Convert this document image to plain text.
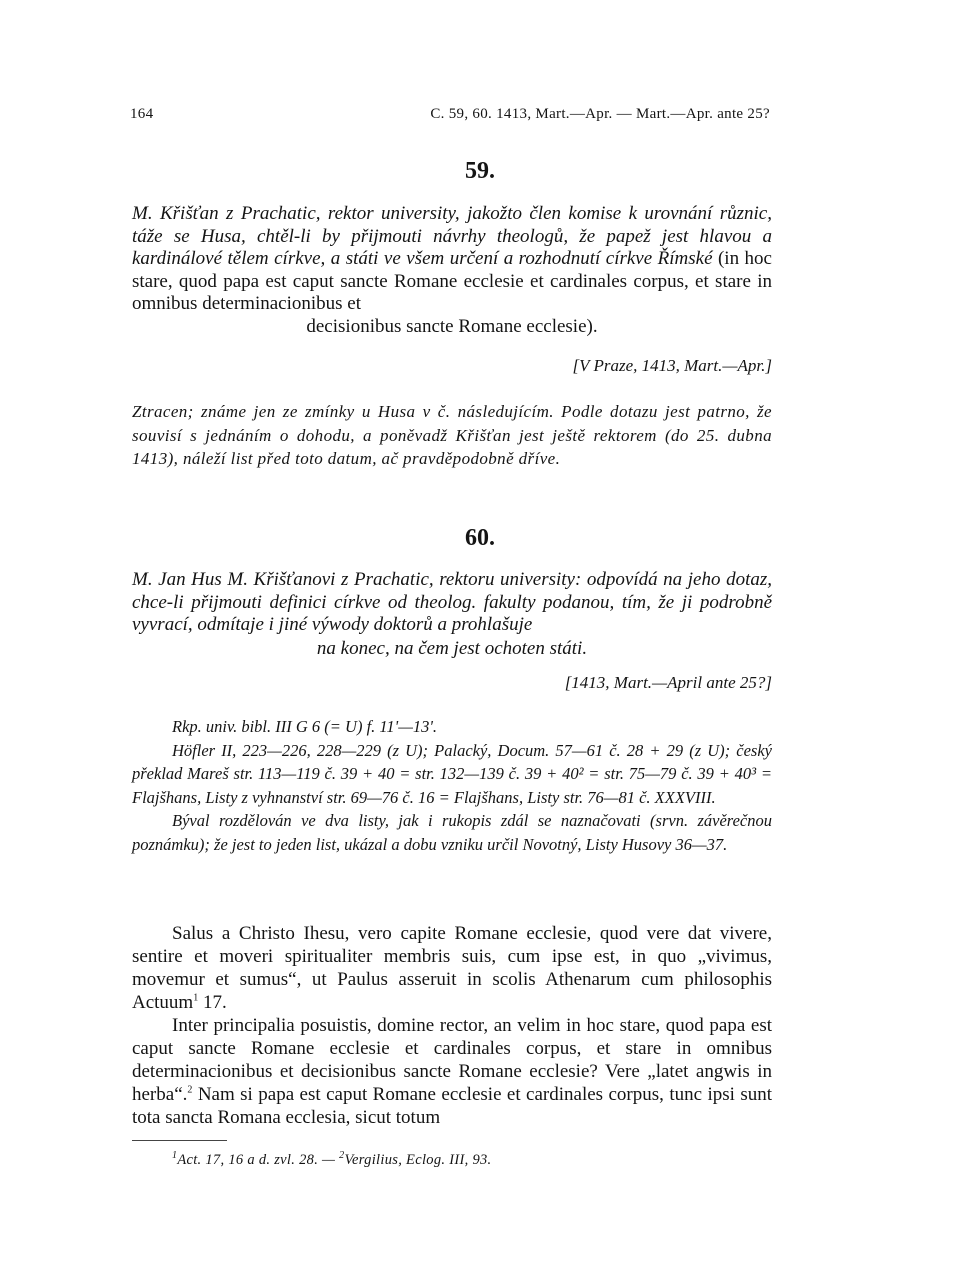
164	C. 59, 60. 1413, Mart.—Apr. — Mart.—Apr. ante 25?
59.
M. Křišťan z Prachatic, rektor university, jakožto člen komise k urovnání různic, táže se Husa, chtěl-li by přijmouti návrhy theologů, že papež jest hlavou a kardinálové tělem církve, a státi ve všem určení a rozhodnutí církve Římské (in hoc stare, quod papa est caput sancte Romane ecclesie et cardinales corpus, et stare in omnibus determinacionibus et
decisionibus sancte Romane ecclesie).
[V Praze, 1413, Mart.—Apr.]
Ztracen; známe jen ze zmínky u Husa v č. následujícím. Podle dotazu jest patrno, že souvisí s jednáním o dohodu, a poněvadž Křišťan jest ještě rektorem (do 25. dubna 1413), náleží list před toto datum, ač pravděpodobně dříve.
60.
M. Jan Hus M. Křišťanovi z Prachatic, rektoru university: odpovídá na jeho dotaz, chce-li přijmouti definici církve od theolog. fakulty podanou, tím, že ji podrobně vyvrací, odmítaje i jiné výwody doktorů a prohlašuje
na konec, na čem jest ochoten státi.
[1413, Mart.—April ante 25?]

Rkp. univ. bibl. III G 6 (= U) f. 11'—13'.

Höfler II, 223—226, 228—229 (z U); Palacký, Docum. 57—61 č. 28 + 29 (z U); český překlad Mareš str. 113—119 č. 39 + 40 = str. 132—139 č. 39 + 40² = str. 75—79 č. 39 + 40³ = Flajšhans, Listy z vyhnanství str. 69—76 č. 16 = Flajšhans, Listy str. 76—81 č. XXXVIII.

Býval rozdělován ve dva listy, jak i rukopis zdál se naznačovati (srvn. závěrečnou poznámku); že jest to jeden list, ukázal a dobu vzniku určil Novotný, Listy Husovy 36—37.

Salus a Christo Ihesu, vero capite Romane ecclesie, quod vere dat vivere, sentire et moveri spiritualiter membris suis, cum ipse est, in quo „vivimus, movemur et sumus“, ut Paulus asseruit in scolis Athenarum cum philosophis Actuum$^1$ 17.

Inter principalia posuistis, domine rector, an velim in hoc stare, quod papa est caput sancte Romane ecclesie et cardinales corpus, et stare in omnibus determinacionibus et decisionibus sancte Romane ecclesie? Vere „latet angwis in herba“.$^2$ Nam si papa est caput Romane ecclesie et cardinales corpus, tunc ipsi sunt tota sancta Romana ecclesia, sicut totum

$^1$Act. 17, 16 a d. zvl. 28. — $^2$Vergilius, Eclog. III, 93.
